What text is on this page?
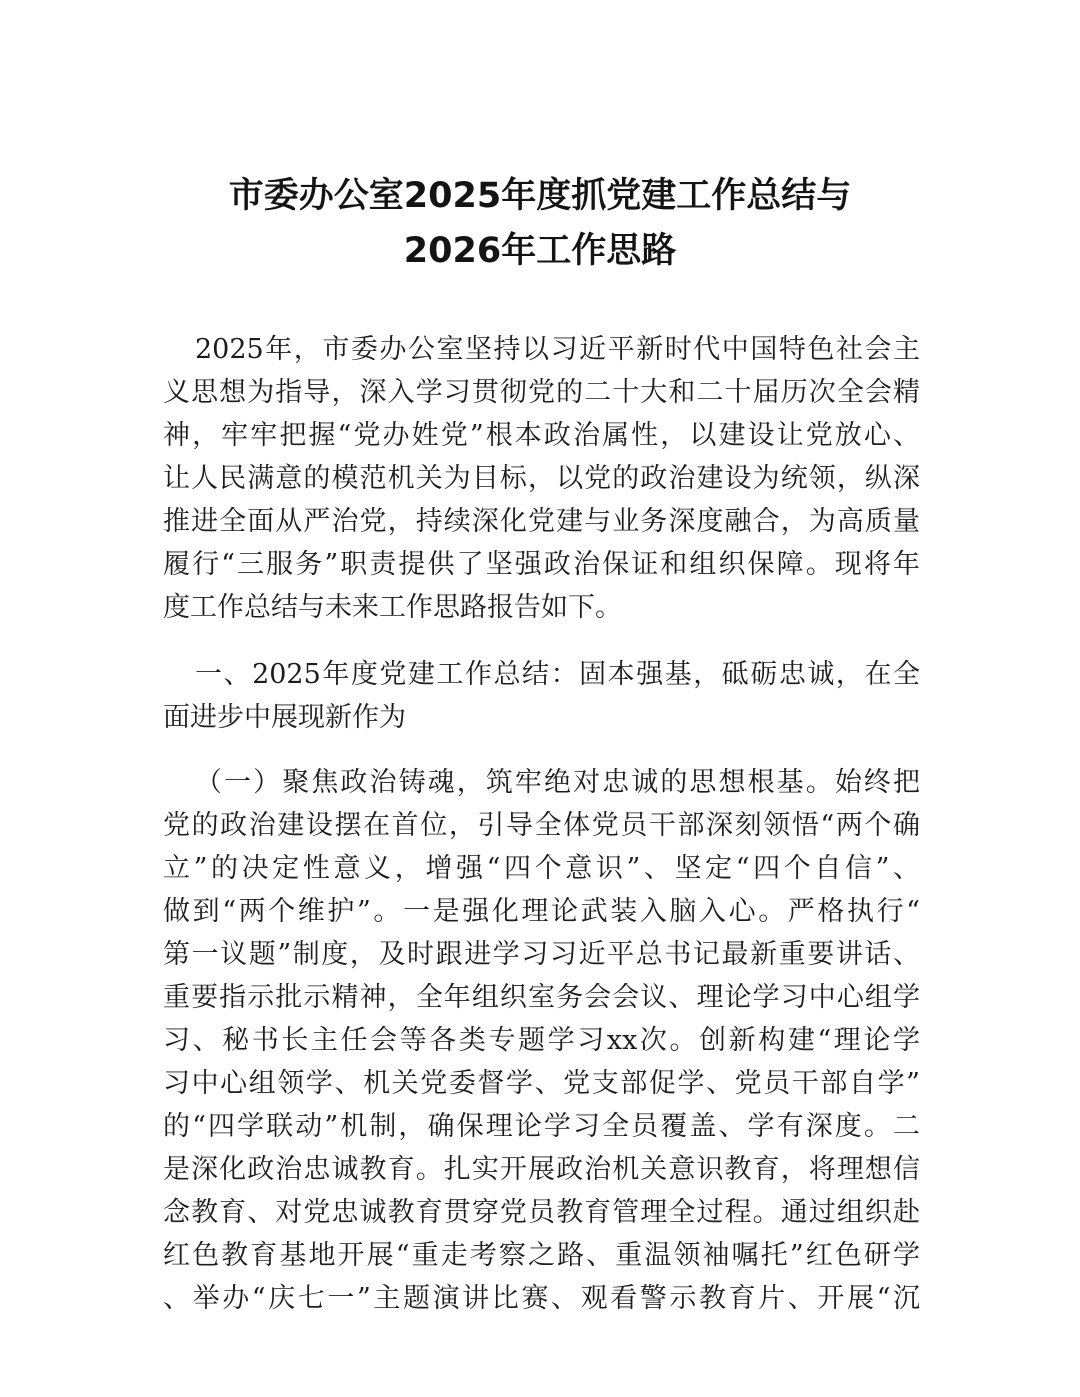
市委办公室2025年度抓党建工作总结与
2026年工作思路
2025年，市委办公室坚持以习近平新时代中国特色社会主
义思想为指导，深入学习贯彻党的二十大和二十届历次全会精
神，牢牢把握“党办姓党”根本政治属性，以建设让党放心、
让人民满意的模范机关为目标，以党的政治建设为统领，纵深
推进全面从严治党，持续深化党建与业务深度融合，为高质量
履行“三服务”职责提供了坚强政治保证和组织保障。现将年
度工作总结与未来工作思路报告如下。
一、2025年度党建工作总结：固本强基，砥砺忠诚，在全
面进步中展现新作为
（一）聚焦政治铸魂，筑牢绝对忠诚的思想根基。始终把
党的政治建设摆在首位，引导全体党员干部深刻领悟“两个确
立”的决定性意义，增强“四个意识”、坚定“四个自信”、
做到“两个维护”。一是强化理论武装入脑入心。严格执行“
第一议题”制度，及时跟进学习习近平总书记最新重要讲话、
重要指示批示精神，全年组织室务会会议、理论学习中心组学
习、秘书长主任会等各类专题学习xx次。创新构建“理论学
习中心组领学、机关党委督学、党支部促学、党员干部自学”
的“四学联动”机制，确保理论学习全员覆盖、学有深度。二
是深化政治忠诚教育。扎实开展政治机关意识教育，将理想信
念教育、对党忠诚教育贯穿党员教育管理全过程。通过组织赴
红色教育基地开展“重走考察之路、重温领袖嘱托”红色研学
、举办“庆七一”主题演讲比赛、观看警示教育片、开展“沉
